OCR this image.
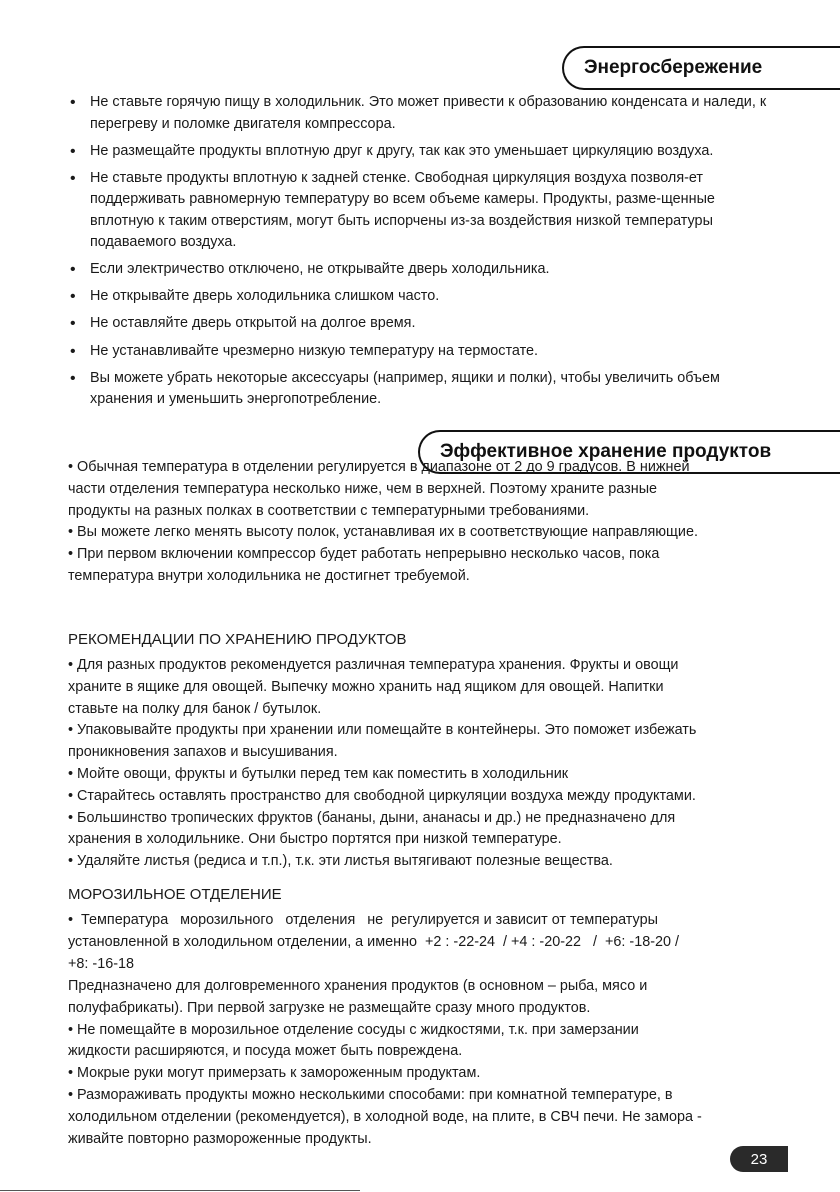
Энергосбережение
• Не ставьте горячую пищу в холодильник. Это может привести к образованию конденсата и наледи, к перегреву и поломке двигателя компрессора.
• Не размещайте продукты вплотную друг к другу, так как это уменьшает циркуляцию воздуха.
• Не ставьте продукты вплотную к задней стенке. Свободная циркуляция воздуха позволя-ет поддерживать равномерную температуру во всем объеме камеры. Продукты, разме-щенные вплотную к таким отверстиям, могут быть испорчены из-за воздействия низкой температуры подаваемого воздуха.
• Если электричество отключено, не открывайте дверь холодильника.
• Не открывайте дверь холодильника слишком часто.
• Не оставляйте дверь открытой на долгое время.
• Не устанавливайте чрезмерно низкую температуру на термостате.
• Вы можете убрать некоторые аксессуары (например, ящики и полки), чтобы увеличить объем хранения и уменьшить энергопотребление.
Эффективное хранение продуктов
• Обычная температура в отделении регулируется в диапазоне от 2 до 9 градусов. В нижней
части отделения температура несколько ниже, чем в верхней. Поэтому храните разные
продукты на разных полках в соответствии с температурными требованиями.
• Вы можете легко менять высоту полок, устанавливая их в соответствующие направляющие.
• При первом включении компрессор будет работать непрерывно несколько часов, пока
температура внутри холодильника не достигнет требуемой.
РЕКОМЕНДАЦИИ ПО ХРАНЕНИЮ ПРОДУКТОВ
• Для разных продуктов рекомендуется различная температура хранения. Фрукты и овощи
храните в ящике для овощей. Выпечку можно хранить над ящиком для овощей. Напитки
ставьте на полку для банок / бутылок.
• Упаковывайте продукты при хранении или помещайте в контейнеры. Это поможет избежать
проникновения запахов и высушивания.
• Мойте овощи, фрукты и бутылки перед тем как поместить в холодильник
• Старайтесь оставлять пространство для свободной циркуляции воздуха между продуктами.
• Большинство тропических фруктов (бананы, дыни, ананасы и др.) не предназначено для
хранения в холодильнике. Они быстро портятся при низкой температуре.
• Удаляйте листья (редиса и т.п.), т.к. эти листья вытягивают полезные вещества.
МОРОЗИЛЬНОЕ ОТДЕЛЕНИЕ
•  Температура   морозильного   отделения   не  регулируется и зависит от температуры
установленной в холодильном отделении, а именно  +2 : -22-24  / +4 : -20-22   /  +6: -18-20 /
+8: -16-18
Предназначено для долговременного хранения продуктов (в основном – рыба, мясо и
полуфабрикаты). При первой загрузке не размещайте сразу много продуктов.
• Не помещайте в морозильное отделение сосуды с жидкостями, т.к. при замерзании
жидкости расширяются, и посуда может быть повреждена.
• Мокрые руки могут примерзать к замороженным продуктам.
• Размораживать продукты можно несколькими способами: при комнатной температуре, в
холодильном отделении (рекомендуется), в холодной воде, на плите, в СВЧ печи. Не замора -
живайте повторно размороженные продукты.
23
